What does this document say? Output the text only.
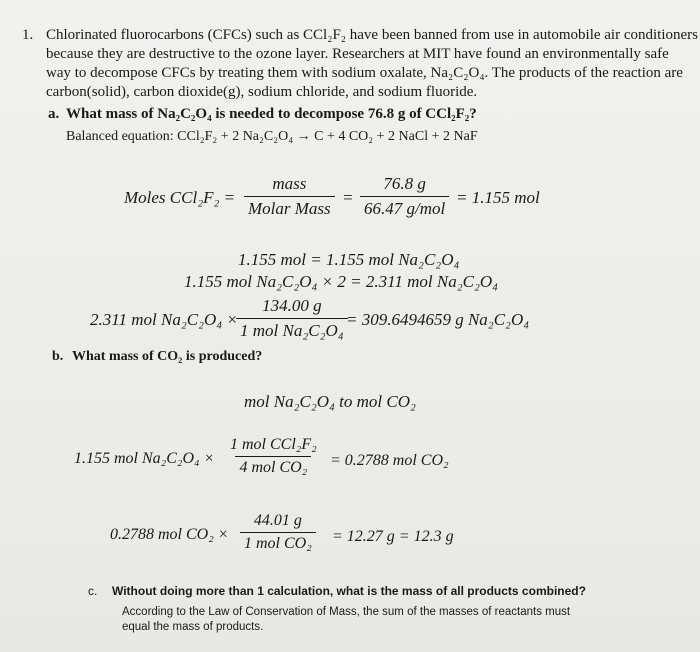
1. Chlorinated fluorocarbons (CFCs) such as CCl₂F₂ have been banned from use in automobile air conditioners
because they are destructive to the ozone layer. Researchers at MIT have found an environmentally safe
way to decompose CFCs by treating them with sodium oxalate, Na₂C₂O₄. The products of the reaction are
carbon(solid), carbon dioxide(g), sodium chloride, and sodium fluoride.
a. What mass of Na₂C₂O₄ is needed to decompose 76.8 g of CCl₂F₂?
Balanced equation: CCl₂F₂ + 2 Na₂C₂O₄ → C + 4 CO₂ + 2 NaCl + 2 NaF
Moles CCl₂F₂ =
mass
Molar Mass
=
76.8 g
66.47 g/mol
= 1.155 mol
1.155 mol = 1.155 mol Na₂C₂O₄
1.155 mol Na₂C₂O₄ × 2 = 2.311 mol Na₂C₂O₄
2.311 mol Na₂C₂O₄ ×
134.00 g
1 mol Na₂C₂O₄
= 309.6494659 g Na₂C₂O₄
b. What mass of CO₂ is produced?
mol Na₂C₂O₄ to mol CO₂
1.155 mol Na₂C₂O₄ ×
1 mol CCl₂F₂
4 mol CO₂ = 0.2788 mol CO₂
0.2788 mol CO₂ ×
44.01 g
1 mol CO₂ = 12.27 g = 12.3 g
c. Without doing more than 1 calculation, what is the mass of all products combined?
According to the Law of Conservation of Mass, the sum of the masses of reactants must
equal the mass of products.
